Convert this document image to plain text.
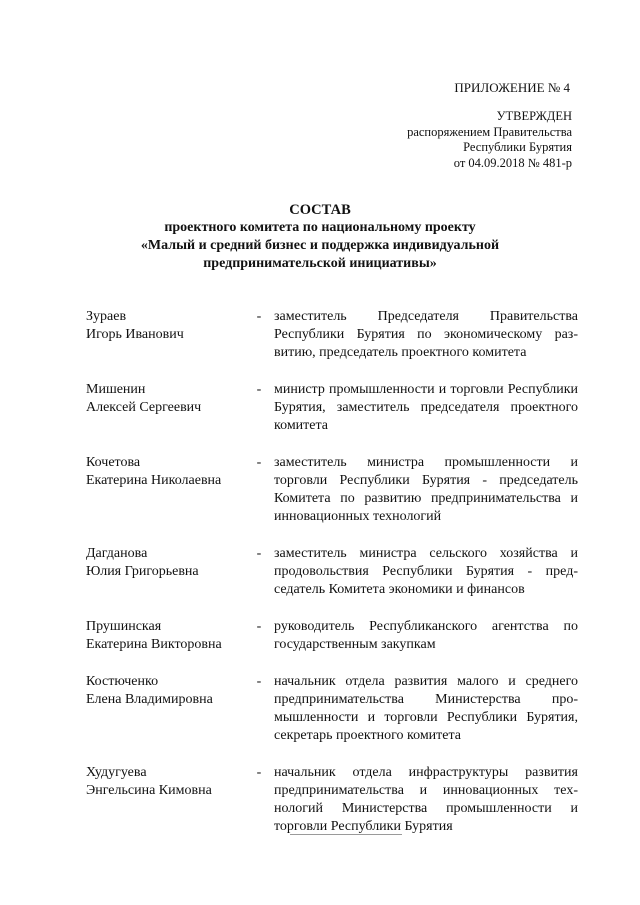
ПРИЛОЖЕНИЕ № 4
УТВЕРЖДЕН
распоряжением Правительства
Республики Бурятия
от 04.09.2018 № 481-р
СОСТАВ
проектного комитета по национальному проекту
«Малый и средний бизнес и поддержка индивидуальной
предпринимательской инициативы»
Зураев
Игорь Иванович
- заместитель Председателя Правительства Республики Бурятия по экономическому развитию, председатель проектного комитета
Мишенин
Алексей Сергеевич
- министр промышленности и торговли Республики Бурятия, заместитель председателя проектного комитета
Кочетова
Екатерина Николаевна
- заместитель министра промышленности и торговли Республики Бурятия - председатель Комитета по развитию предпринимательства и инновационных технологий
Дагданова
Юлия Григорьевна
- заместитель министра сельского хозяйства и продовольствия Республики Бурятия - председатель Комитета экономики и финансов
Прушинская
Екатерина Викторовна
- руководитель Республиканского агентства по государственным закупкам
Костюченко
Елена Владимировна
- начальник отдела развития малого и среднего предпринимательства Министерства промышленности и торговли Республики Бурятия, секретарь проектного комитета
Худугуева
Энгельсина Кимовна
- начальник отдела инфраструктуры развития предпринимательства и инновационных технологий Министерства промышленности и торговли Республики Бурятия
